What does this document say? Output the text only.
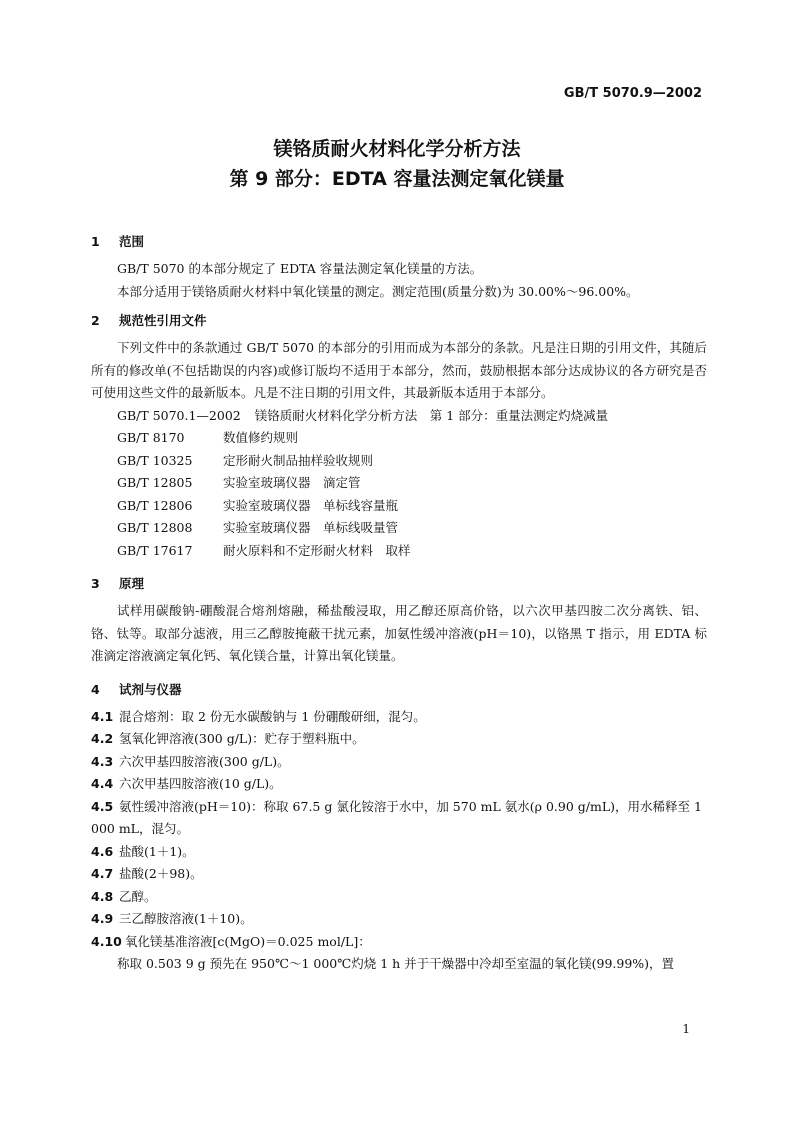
GB/T 5070.9—2002

镁铬质耐火材料化学分析方法

第 9 部分：EDTA 容量法测定氧化镁量

1 范围

GB/T 5070 的本部分规定了 EDTA 容量法测定氧化镁量的方法。

本部分适用于镁铬质耐火材料中氧化镁量的测定。测定范围(质量分数)为 30.00%～96.00%。

2 规范性引用文件

下列文件中的条款通过 GB/T 5070 的本部分的引用而成为本部分的条款。凡是注日期的引用文件，其随后所有的修改单(不包括勘误的内容)或修订版均不适用于本部分，然而，鼓励根据本部分达成协议的各方研究是否可使用这些文件的最新版本。凡是不注日期的引用文件，其最新版本适用于本部分。

GB/T 5070.1—2002 镁铬质耐火材料化学分析方法　第 1 部分：重量法测定灼烧减量
GB/T 8170	数值修约规则
GB/T 10325 定形耐火制品抽样验收规则
GB/T 12805 实验室玻璃仪器　滴定管
GB/T 12806 实验室玻璃仪器　单标线容量瓶
GB/T 12808 实验室玻璃仪器　单标线吸量管
GB/T 17617 耐火原料和不定形耐火材料　取样
3 原理

试样用碳酸钠-硼酸混合熔剂熔融，稀盐酸浸取，用乙醇还原高价铬，以六次甲基四胺二次分离铁、铝、铬、钛等。取部分滤液，用三乙醇胺掩蔽干扰元素，加氨性缓冲溶液(pH＝10)，以铬黑 T 指示，用 EDTA 标准滴定溶液滴定氧化钙、氧化镁合量，计算出氧化镁量。

4 试剂与仪器
4.1 混合熔剂：取 2 份无水碳酸钠与 1 份硼酸研细，混匀。
4.2 氢氧化钾溶液(300 g/L)：贮存于塑料瓶中。
4.3 六次甲基四胺溶液(300 g/L)。
4.4 六次甲基四胺溶液(10 g/L)。
4.5 氨性缓冲溶液(pH＝10)：称取 67.5 g 氯化铵溶于水中，加 570 mL 氨水(ρ 0.90 g/mL)，用水稀释至 1 000 mL，混匀。
4.6 盐酸(1＋1)。
4.7 盐酸(2＋98)。
4.8 乙醇。
4.9 三乙醇胺溶液(1＋10)。
4.10 氧化镁基准溶液[c(MgO)＝0.025 mol/L]：

称取 0.503 9 g 预先在 950℃～1 000℃灼烧 1 h 并于干燥器中冷却至室温的氧化镁(99.99%)，置

1
